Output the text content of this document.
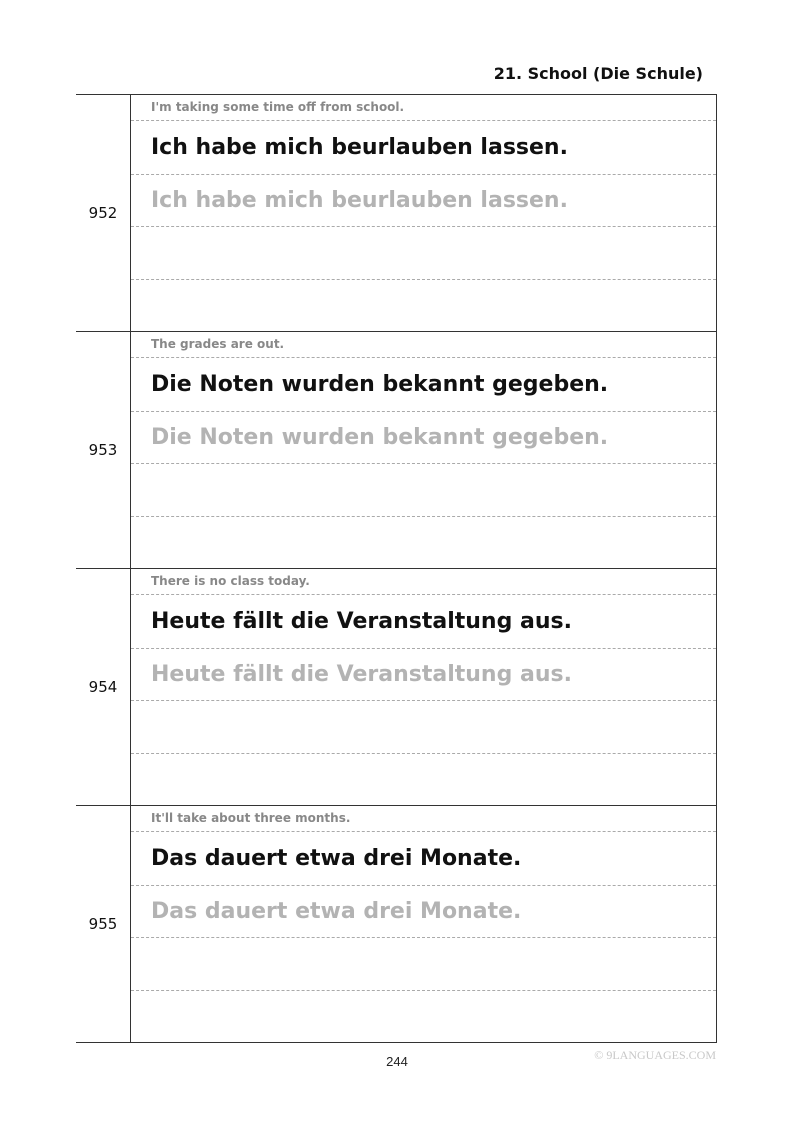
21. School (Die Schule)
952
I'm taking some time off from school.
Ich habe mich beurlauben lassen.
Ich habe mich beurlauben lassen.
953
The grades are out.
Die Noten wurden bekannt gegeben.
Die Noten wurden bekannt gegeben.
954
There is no class today.
Heute fällt die Veranstaltung aus.
Heute fällt die Veranstaltung aus.
955
It'll take about three months.
Das dauert etwa drei Monate.
Das dauert etwa drei Monate.
244	© 9LANGUAGES.COM
